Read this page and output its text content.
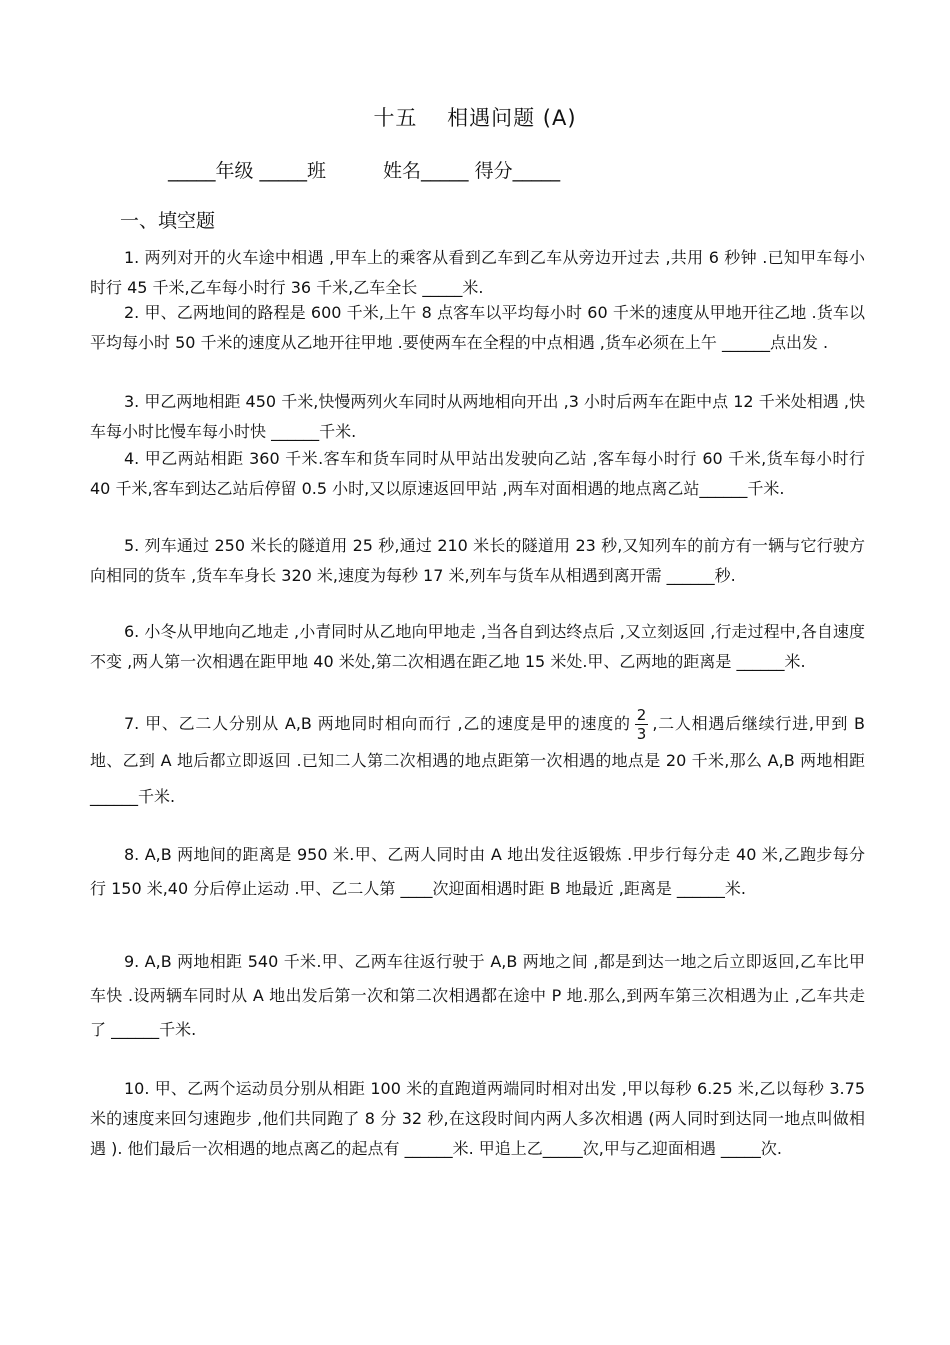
十五　 相遇问题 (A)
_____年级 _____班　　　姓名_____ 得分_____
一、填空题

1. 两列对开的火车途中相遇 ,甲车上的乘客从看到乙车到乙车从旁边开过去 ,共用 6 秒钟 .已知甲车每小时行 45 千米,乙车每小时行 36 千米,乙车全长 _____米.

2. 甲、乙两地间的路程是 600 千米,上午 8 点客车以平均每小时 60 千米的速度从甲地开往乙地 .货车以平均每小时 50 千米的速度从乙地开往甲地 .要使两车在全程的中点相遇 ,货车必须在上午 ______点出发 .

3. 甲乙两地相距 450 千米,快慢两列火车同时从两地相向开出 ,3 小时后两车在距中点 12 千米处相遇 ,快车每小时比慢车每小时快 ______千米.

4. 甲乙两站相距 360 千米.客车和货车同时从甲站出发驶向乙站 ,客车每小时行 60 千米,货车每小时行 40 千米,客车到达乙站后停留 0.5 小时,又以原速返回甲站 ,两车对面相遇的地点离乙站______千米.

5. 列车通过 250 米长的隧道用 25 秒,通过 210 米长的隧道用 23 秒,又知列车的前方有一辆与它行驶方向相同的货车 ,货车车身长 320 米,速度为每秒 17 米,列车与货车从相遇到离开需 ______秒.

6. 小冬从甲地向乙地走 ,小青同时从乙地向甲地走 ,当各自到达终点后 ,又立刻返回 ,行走过程中,各自速度不变 ,两人第一次相遇在距甲地 40 米处,第二次相遇在距乙地 15 米处.甲、乙两地的距离是 ______米.

7. 甲、乙二人分别从 A,B 两地同时相向而行 ,乙的速度是甲的速度的 $\frac{2}{3}$ ,二人相遇后继续行进,甲到 B 地、乙到 A 地后都立即返回 .已知二人第二次相遇的地点距第一次相遇的地点是 20 千米,那么 A,B 两地相距 ______千米.

8. A,B 两地间的距离是 950 米.甲、乙两人同时由 A 地出发往返锻炼 .甲步行每分走 40 米,乙跑步每分行 150 米,40 分后停止运动 .甲、乙二人第 ____次迎面相遇时距 B 地最近 ,距离是 ______米.

9. A,B 两地相距 540 千米.甲、乙两车往返行驶于 A,B 两地之间 ,都是到达一地之后立即返回,乙车比甲车快 .设两辆车同时从 A 地出发后第一次和第二次相遇都在途中 P 地.那么,到两车第三次相遇为止 ,乙车共走了 ______千米.

10. 甲、乙两个运动员分别从相距 100 米的直跑道两端同时相对出发 ,甲以每秒 6.25 米,乙以每秒 3.75 米的速度来回匀速跑步 ,他们共同跑了 8 分 32 秒,在这段时间内两人多次相遇 (两人同时到达同一地点叫做相遇 ). 他们最后一次相遇的地点离乙的起点有 ______米. 甲追上乙_____次,甲与乙迎面相遇 _____次.
